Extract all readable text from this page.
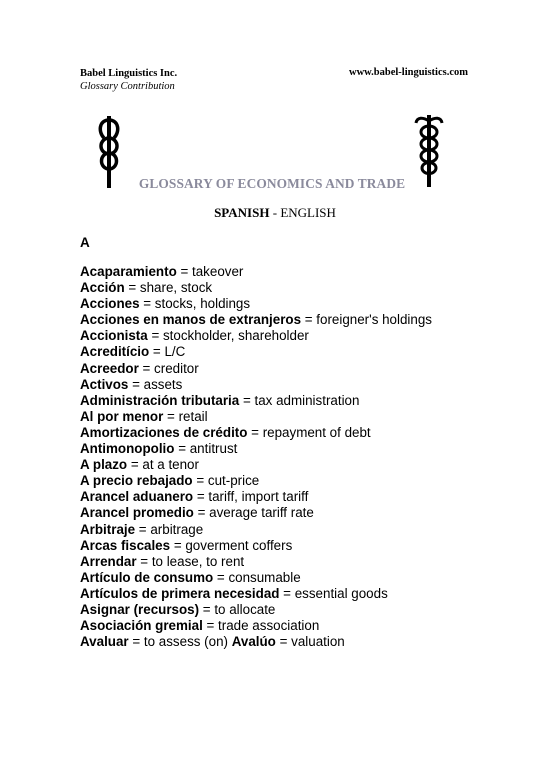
Babel Linguistics Inc.
Glossary Contribution
www.babel-linguistics.com
GLOSSARY OF ECONOMICS AND TRADE
SPANISH - ENGLISH
A
Acaparamiento = takeover
Acción = share, stock
Acciones = stocks, holdings
Acciones en manos de extranjeros = foreigner's holdings
Accionista = stockholder, shareholder
Acreditício = L/C
Acreedor = creditor
Activos = assets
Administración tributaria = tax administration
Al por menor = retail
Amortizaciones de crédito = repayment of debt
Antimonopolio = antitrust
A plazo = at a tenor
A precio rebajado = cut-price
Arancel aduanero = tariff, import tariff
Arancel promedio = average tariff rate
Arbitraje = arbitrage
Arcas fiscales = goverment coffers
Arrendar = to lease, to rent
Artículo de consumo = consumable
Artículos de primera necesidad = essential goods
Asignar (recursos) = to allocate
Asociación gremial = trade association
Avaluar = to assess (on) Avalúo = valuation
